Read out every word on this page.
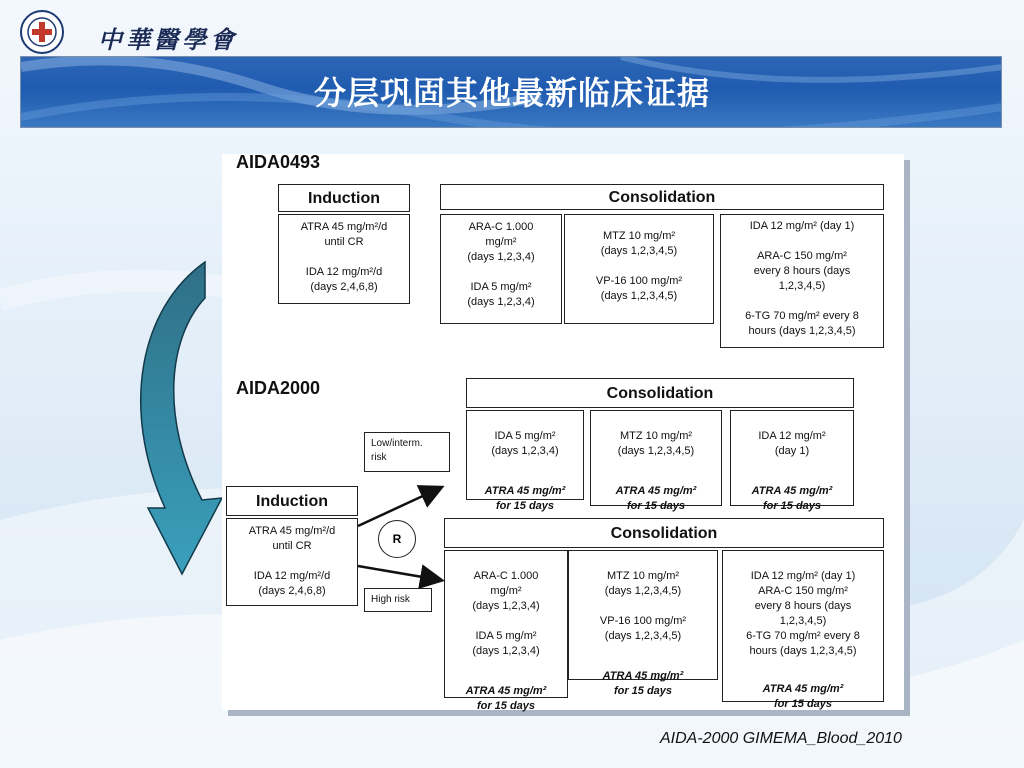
中華醫學會
分层巩固其他最新临床证据
AIDA0493
Induction
ATRA 45 mg/m²/d
until CR

IDA 12 mg/m²/d
(days 2,4,6,8)
Consolidation
ARA-C 1.000
mg/m²
(days 1,2,3,4)

IDA 5 mg/m²
(days 1,2,3,4)
MTZ 10 mg/m²
(days 1,2,3,4,5)

VP-16 100 mg/m²
(days 1,2,3,4,5)
IDA 12 mg/m² (day 1)

ARA-C 150 mg/m²
every 8 hours (days
1,2,3,4,5)

6-TG 70 mg/m² every 8
hours (days 1,2,3,4,5)
AIDA2000
Induction
ATRA 45 mg/m²/d
until CR

IDA 12 mg/m²/d
(days 2,4,6,8)
Low/interm.
risk
High risk
R
Consolidation

IDA 5 mg/m²
(days 1,2,3,4)

ATRA 45 mg/m²
for 15 days

MTZ 10 mg/m²
(days 1,2,3,4,5)

ATRA 45 mg/m²
for 15 days

IDA 12 mg/m²
(day 1)

ATRA 45 mg/m²
for 15 days

Consolidation

ARA-C 1.000
mg/m²
(days 1,2,3,4)

IDA 5 mg/m²
(days 1,2,3,4)

ATRA 45 mg/m²
for 15 days

MTZ 10 mg/m²
(days 1,2,3,4,5)

VP-16 100 mg/m²
(days 1,2,3,4,5)

ATRA 45 mg/m²
for 15 days

IDA 12 mg/m² (day 1)
ARA-C 150 mg/m²
every 8 hours (days
1,2,3,4,5)
6-TG 70 mg/m² every 8
hours (days 1,2,3,4,5)

ATRA 45 mg/m²
for 15 days

AIDA-2000 GIMEMA_Blood_2010
